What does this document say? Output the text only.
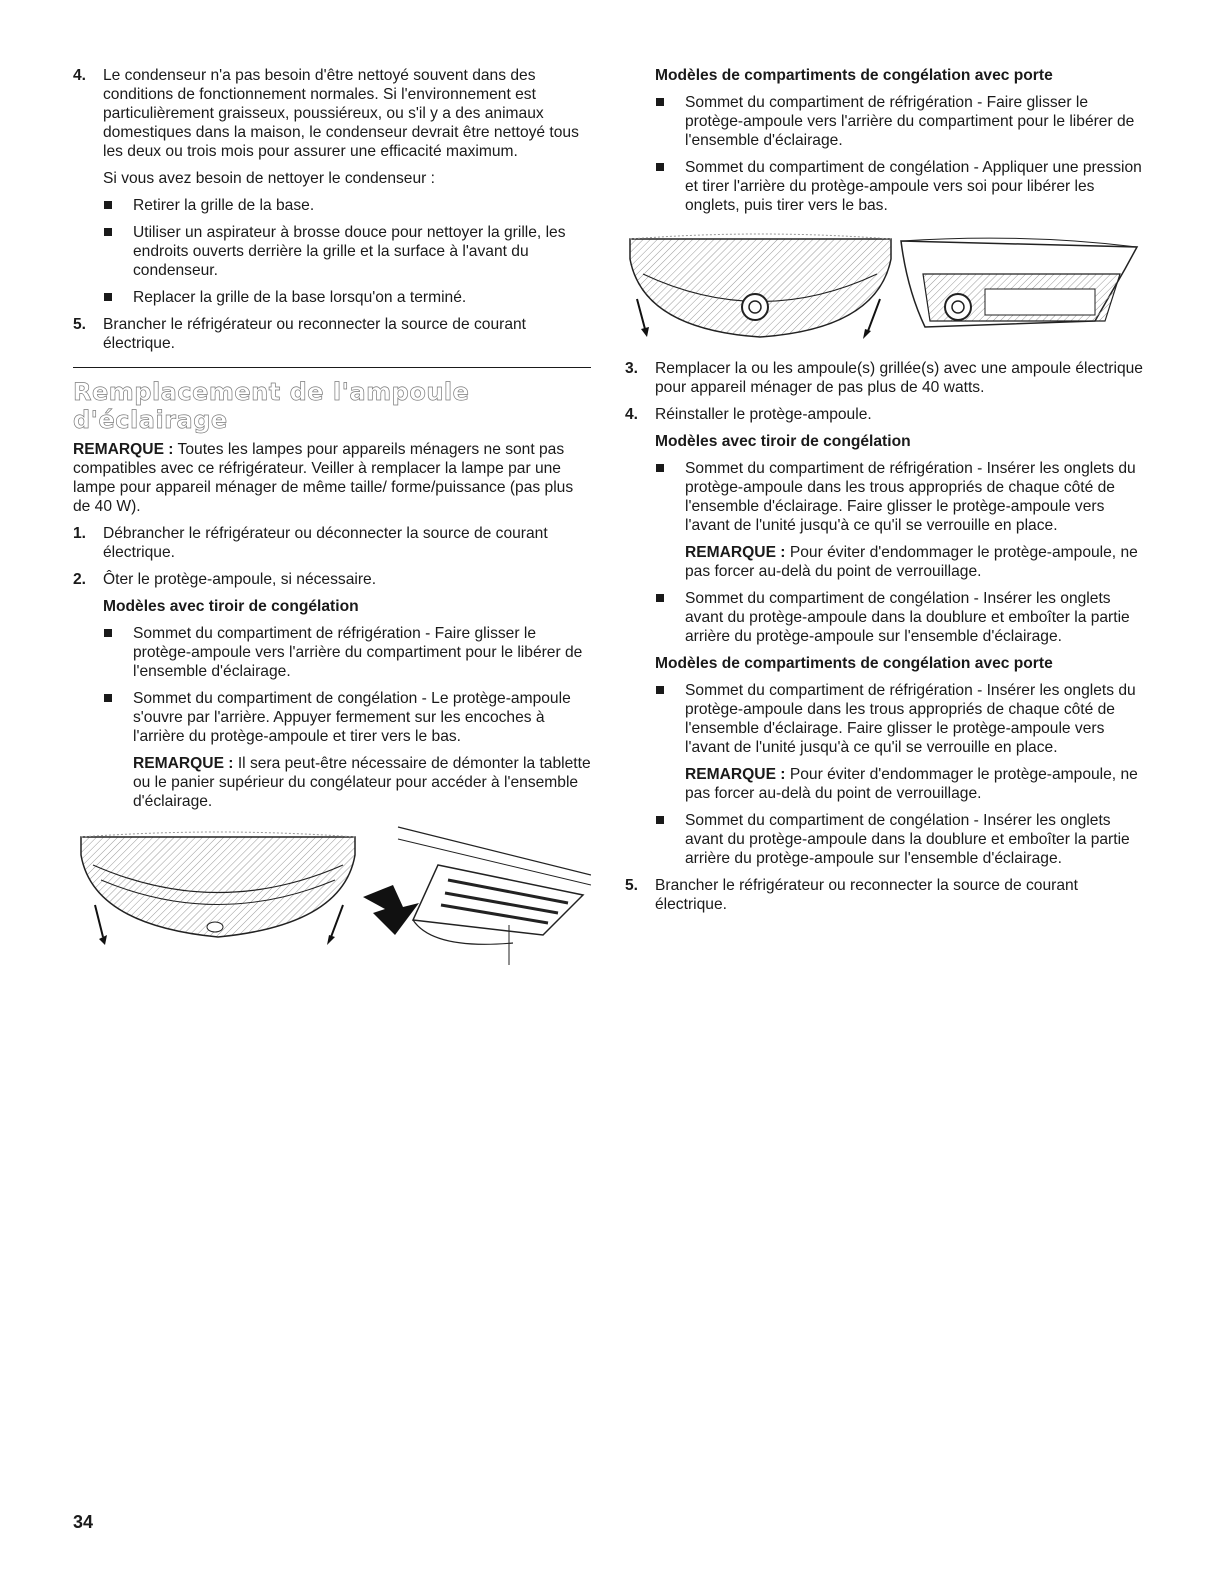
4. Le condenseur n'a pas besoin d'être nettoyé souvent dans des conditions de fonctionnement normales. Si l'environnement est particulièrement graisseux, poussiéreux, ou s'il y a des animaux domestiques dans la maison, le condenseur devrait être nettoyé tous les deux ou trois mois pour assurer une efficacité maximum.

Si vous avez besoin de nettoyer le condenseur :

Retirer la grille de la base.
Utiliser un aspirateur à brosse douce pour nettoyer la grille, les endroits ouverts derrière la grille et la surface à l'avant du condenseur.
Replacer la grille de la base lorsqu'on a terminé.
5. Brancher le réfrigérateur ou reconnecter la source de courant électrique.

Remplacement de l'ampoule d'éclairage

REMARQUE : Toutes les lampes pour appareils ménagers ne sont pas compatibles avec ce réfrigérateur. Veiller à remplacer la lampe par une lampe pour appareil ménager de même taille/ forme/puissance (pas plus de 40 W).

1. Débrancher le réfrigérateur ou déconnecter la source de courant électrique.

2. Ôter le protège-ampoule, si nécessaire.

Modèles avec tiroir de congélation

Sommet du compartiment de réfrigération - Faire glisser le protège-ampoule vers l'arrière du compartiment pour le libérer de l'ensemble d'éclairage.
Sommet du compartiment de congélation - Le protège-ampoule s'ouvre par l'arrière. Appuyer fermement sur les encoches à l'arrière du protège-ampoule et tirer vers le bas.

REMARQUE : Il sera peut-être nécessaire de démonter la tablette ou le panier supérieur du congélateur pour accéder à l'ensemble d'éclairage.

Modèles de compartiments de congélation avec porte

Sommet du compartiment de réfrigération - Faire glisser le protège-ampoule vers l'arrière du compartiment pour le libérer de l'ensemble d'éclairage.
Sommet du compartiment de congélation - Appliquer une pression et tirer l'arrière du protège-ampoule vers soi pour libérer les onglets, puis tirer vers le bas.
3. Remplacer la ou les ampoule(s) grillée(s) avec une ampoule électrique pour appareil ménager de pas plus de 40 watts.

4. Réinstaller le protège-ampoule.

Modèles avec tiroir de congélation

Sommet du compartiment de réfrigération - Insérer les onglets du protège-ampoule dans les trous appropriés de chaque côté de l'ensemble d'éclairage. Faire glisser le protège-ampoule vers l'avant de l'unité jusqu'à ce qu'il se verrouille en place.

REMARQUE : Pour éviter d'endommager le protège-ampoule, ne pas forcer au-delà du point de verrouillage.

Sommet du compartiment de congélation - Insérer les onglets avant du protège-ampoule dans la doublure et emboîter la partie arrière du protège-ampoule sur l'ensemble d'éclairage.

Modèles de compartiments de congélation avec porte

Sommet du compartiment de réfrigération - Insérer les onglets du protège-ampoule dans les trous appropriés de chaque côté de l'ensemble d'éclairage. Faire glisser le protège-ampoule vers l'avant de l'unité jusqu'à ce qu'il se verrouille en place.

REMARQUE : Pour éviter d'endommager le protège-ampoule, ne pas forcer au-delà du point de verrouillage.

Sommet du compartiment de congélation - Insérer les onglets avant du protège-ampoule dans la doublure et emboîter la partie arrière du protège-ampoule sur l'ensemble d'éclairage.
5. Brancher le réfrigérateur ou reconnecter la source de courant électrique.

34
